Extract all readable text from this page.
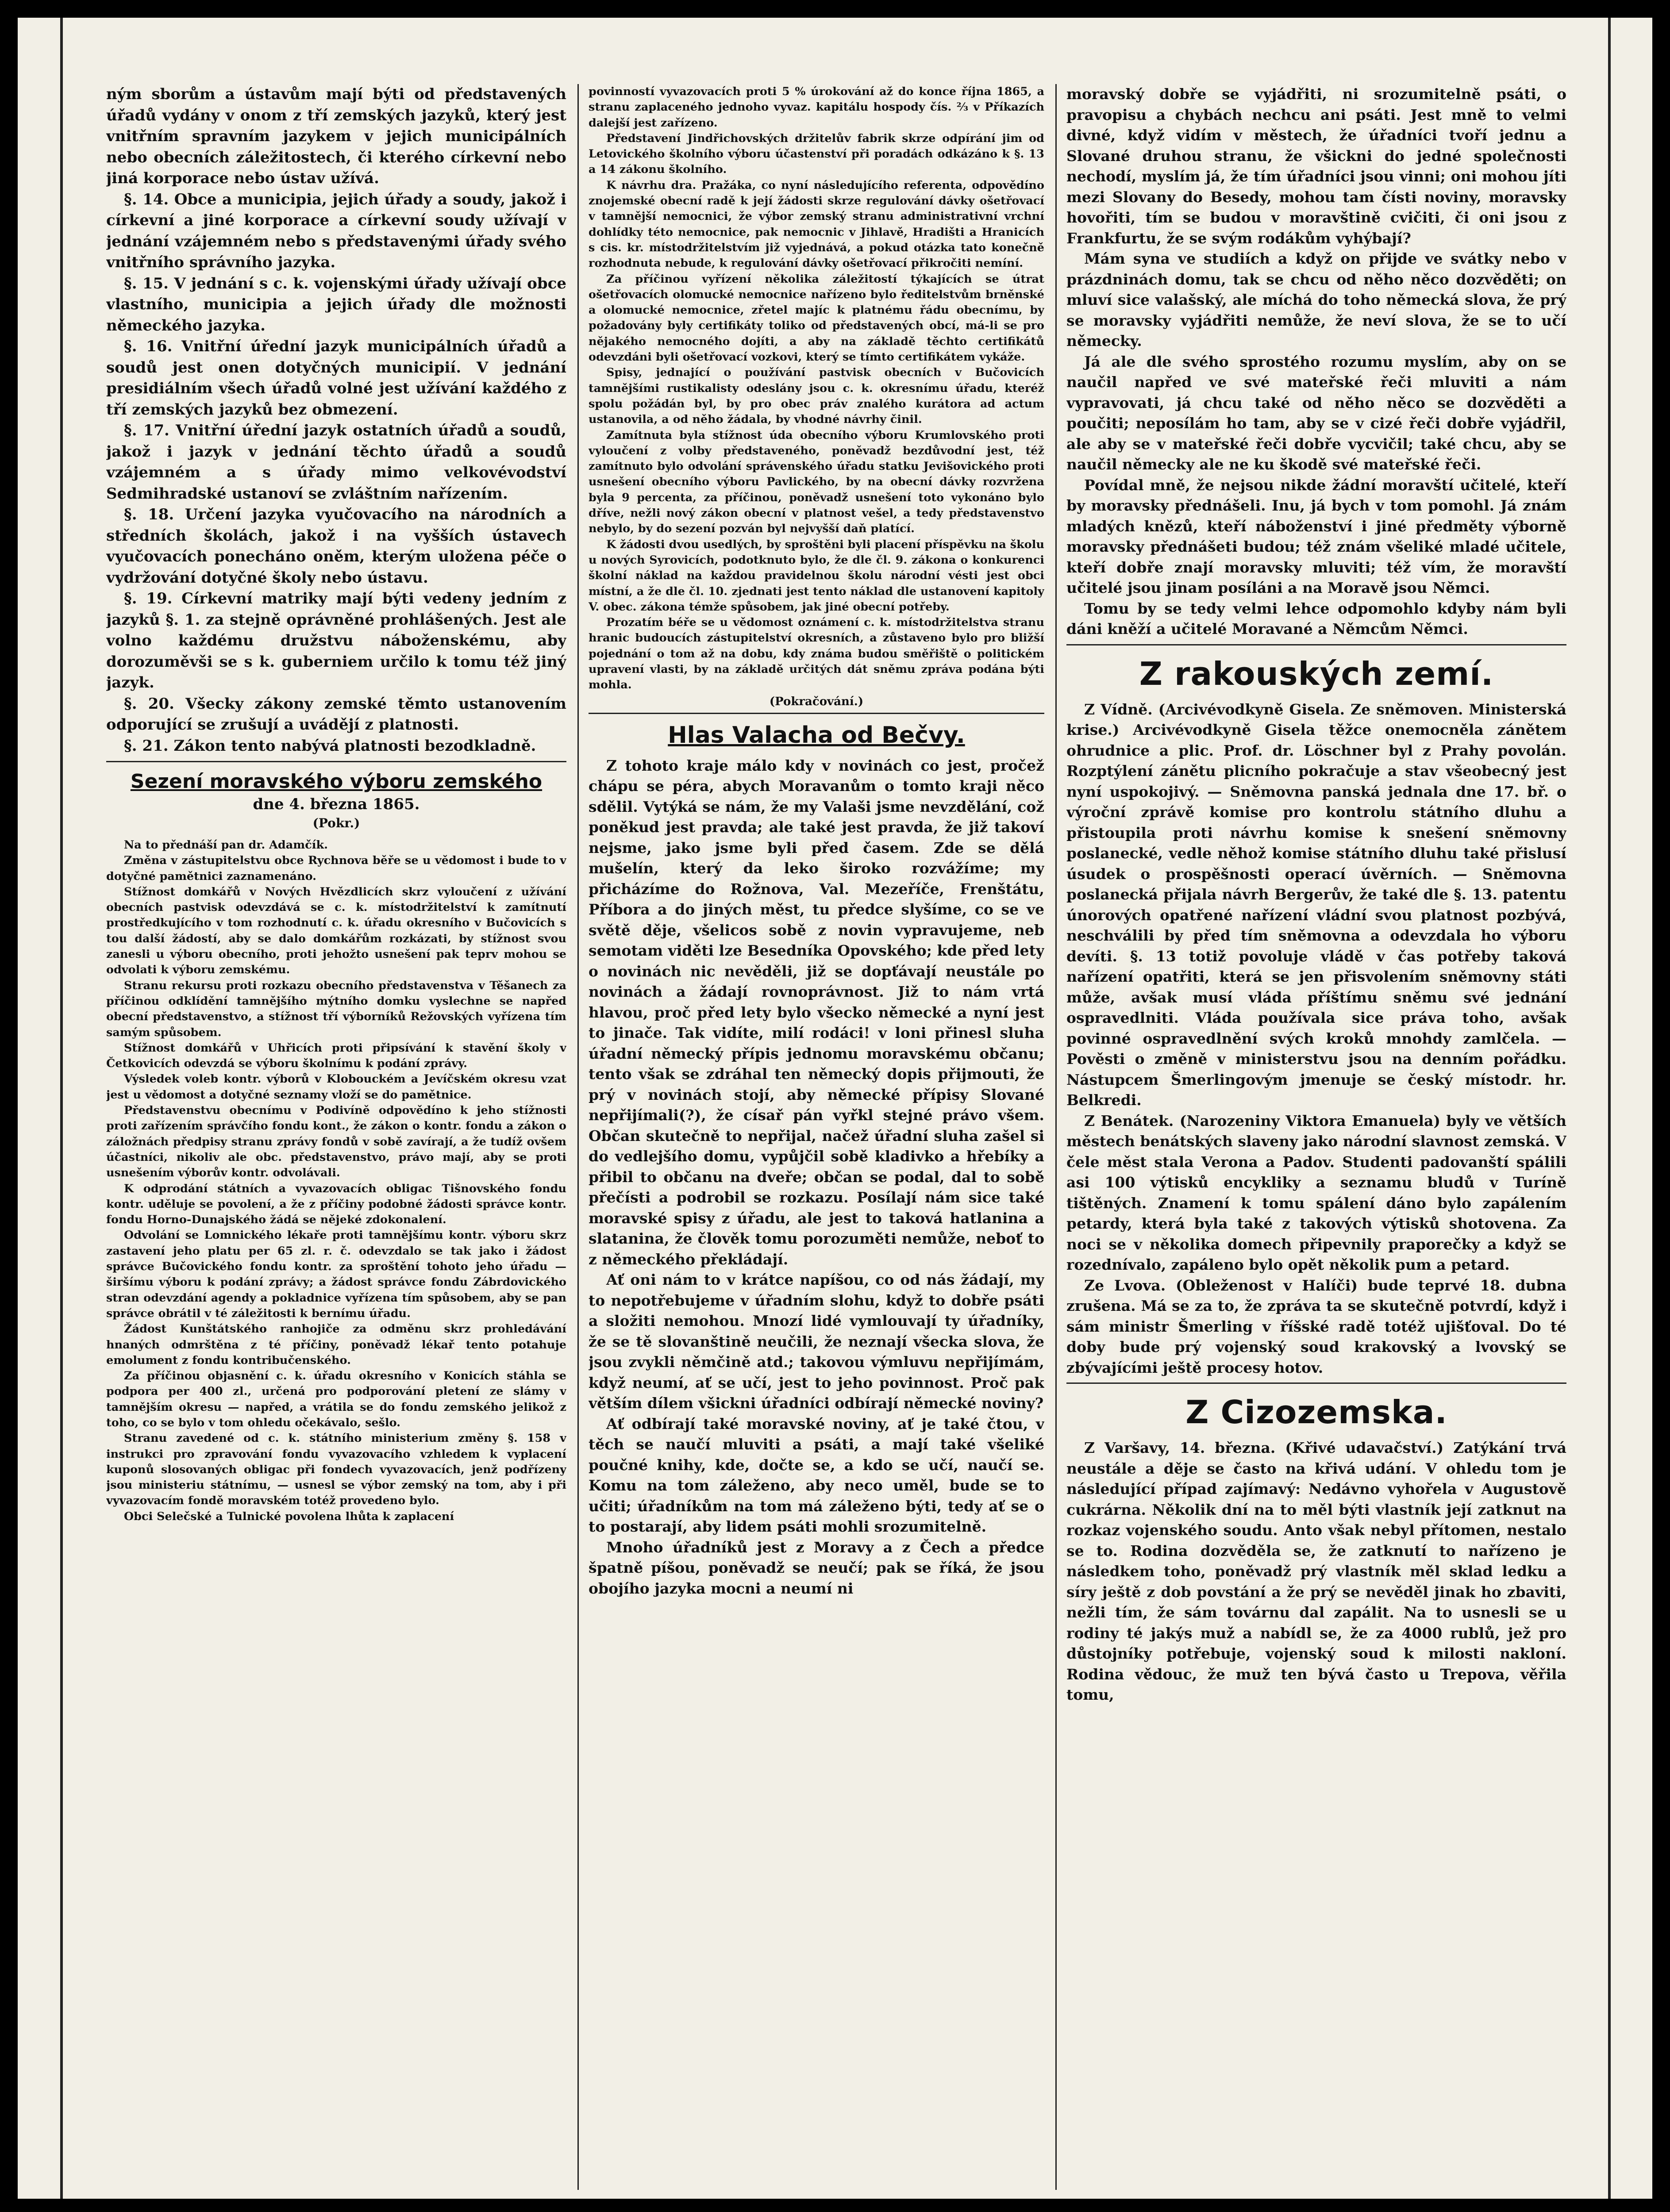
ným sborům a ústavům mají býti od představených úřadů vydány v onom z tří zemských jazyků, který jest vnitřním spravním jazykem v jejich municipálních nebo obecních záležitostech, či kterého církevní nebo jiná korporace nebo ústav užívá.

§. 14. Obce a municipia, jejich úřady a soudy, jakož i církevní a jiné korporace a církevní soudy užívají v jednání vzájemném nebo s představenými úřady svého vnitřního správního jazyka.

§. 15. V jednání s c. k. vojenskými úřady užívají obce vlastního, municipia a jejich úřady dle možnosti německého jazyka.

§. 16. Vnitřní úřední jazyk municipálních úřadů a soudů jest onen dotyčných municipií. V jednání presidiálním všech úřadů volné jest užívání každého z tří zemských jazyků bez obmezení.

§. 17. Vnitřní úřední jazyk ostatních úřadů a soudů, jakož i jazyk v jednání těchto úřadů a soudů vzájemném a s úřady mimo velkovévodství Sedmihradské ustanoví se zvláštním nařízením.

§. 18. Určení jazyka vyučovacího na národních a středních školách, jakož i na vyšších ústavech vyučovacích ponecháno oněm, kterým uložena péče o vydržování dotyčné školy nebo ústavu.

§. 19. Církevní matriky mají býti vedeny jedním z jazyků §. 1. za stejně oprávněné prohlášených. Jest ale volno každému družstvu náboženskému, aby dorozuměvši se s k. guberniem určilo k tomu též jiný jazyk.

§. 20. Všecky zákony zemské těmto ustanovením odporující se zrušují a uvádějí z platnosti.

§. 21. Zákon tento nabývá platnosti bezodkladně.

Sezení moravského výboru zemského
dne 4. března 1865.
(Pokr.)

Na to přednáší pan dr. Adamčík.

Změna v zástupitelstvu obce Rychnova běře se u vědomost i bude to v dotyčné pamětnici zaznamenáno.

Stížnost domkářů v Nových Hvězdlicích skrz vyloučení z užívání obecních pastvisk odevzdává se c. k. místodržitelství k zamítnutí prostředkujícího v tom rozhodnutí c. k. úřadu okresního v Bučovicích s tou další žádostí, aby se dalo domkářům rozkázati, by stížnost svou zanesli u výboru obecního, proti jehožto usnešení pak teprv mohou se odvolati k výboru zemskému.

Stranu rekursu proti rozkazu obecního představenstva v Těšanech za příčinou odklídění tamnějšího mýtního domku vyslechne se napřed obecní představenstvo, a stížnost tří výborníků Režovských vyřízena tím samým spůsobem.

Stížnost domkářů v Uhřicích proti připsívání k stavění školy v Četkovicích odevzdá se výboru školnímu k podání zprávy.

Výsledek voleb kontr. výborů v Klobouckém a Jevíčském okresu vzat jest u vědomost a dotyčné seznamy vloží se do pamětnice.

Představenstvu obecnímu v Podivíně odpovědíno k jeho stížnosti proti zařízením správčího fondu kont., že zákon o kontr. fondu a zákon o záložnách předpisy stranu zprávy fondů v sobě zavírají, a že tudíž ovšem účastníci, nikoliv ale obc. představenstvo, právo mají, aby se proti usnešením výborův kontr. odvolávali.

K odprodání státních a vyvazovacích obligac Tišnovského fondu kontr. uděluje se povolení, a že z příčiny podobné žádosti správce kontr. fondu Horno-Dunajského žádá se nějeké zdokonalení.

Odvolání se Lomnického lékaře proti tamnějšímu kontr. výboru skrz zastavení jeho platu per 65 zl. r. č. odevzdalo se tak jako i žádost správce Bučovického fondu kontr. za sproštění tohoto jeho úřadu — širšímu výboru k podání zprávy; a žádost správce fondu Zábrdovického stran odevzdání agendy a pokladnice vyřízena tím spůsobem, aby se pan správce obrátil v té záležitosti k bernímu úřadu.

Žádost Kunštátského ranhojiče za odměnu skrz prohledávání hnaných odmrštěna z té příčiny, poněvadž lékař tento potahuje emolument z fondu kontribučenského.

Za příčinou objasnění c. k. úřadu okresního v Konicích stáhla se podpora per 400 zl., určená pro podporování pletení ze slámy v tamnějším okresu — napřed, a vrátila se do fondu zemského jelikož z toho, co se bylo v tom ohledu očekávalo, sešlo.

Stranu zavedené od c. k. státního ministerium změny §. 158 v instrukci pro zpravování fondu vyvazovacího vzhledem k vyplacení kuponů slosovaných obligac při fondech vyvazovacích, jenž podřízeny jsou ministeriu státnímu, — usnesl se výbor zemský na tom, aby i při vyvazovacím fondě moravském totéž provedeno bylo.

Obci Selečské a Tulnické povolena lhůta k zaplacení

povinností vyvazovacích proti 5 % úrokování až do konce října 1865, a stranu zaplaceného jednoho vyvaz. kapitálu hospody čís. ⅔ v Příkazích dalejší jest zařízeno.

Představení Jindřichovských držitelův fabrik skrze odpírání jim od Letovického školního výboru účastenství při poradách odkázáno k §. 13 a 14 zákonu školního.

K návrhu dra. Pražáka, co nyní následujícího referenta, odpovědíno znojemské obecní radě k její žádosti skrze regulování dávky ošetřovací v tamnější nemocnici, že výbor zemský stranu administrativní vrchní dohlídky této nemocnice, pak nemocnic v Jihlavě, Hradišti a Hranicích s cis. kr. místodržitelstvím již vyjednává, a pokud otázka tato konečně rozhodnuta nebude, k regulování dávky ošetřovací přikročiti nemíní.

Za příčinou vyřízení několika záležitostí týkajících se útrat ošetřovacích olomucké nemocnice nařízeno bylo ředitelstvům brněnské a olomucké nemocnice, zřetel majíc k platnému řádu obecnímu, by požadovány byly certifikáty toliko od představených obcí, má-li se pro nějakého nemocného dojíti, a aby na základě těchto certifikátů odevzdáni byli ošetřovací vozkovi, který se tímto certifikátem vykáže.

Spisy, jednající o používání pastvisk obecních v Bučovicích tamnějšími rustikalisty odeslány jsou c. k. okresnímu úřadu, kteréž spolu požádán byl, by pro obec práv znalého kurátora ad actum ustanovila, a od něho žádala, by vhodné návrhy činil.

Zamítnuta byla stížnost úda obecního výboru Krumlovského proti vyloučení z volby představeného, poněvadž bezdůvodní jest, též zamítnuto bylo odvolání správenského úřadu statku Jevišovického proti usnešení obecního výboru Pavlického, by na obecní dávky rozvržena byla 9 percenta, za příčinou, poněvadž usnešení toto vykonáno bylo dříve, nežli nový zákon obecní v platnost vešel, a tedy představenstvo nebylo, by do sezení pozván byl nejvyšší daň platící.

K žádosti dvou usedlých, by sproštěni byli placení příspěvku na školu u nových Syrovicích, podotknuto bylo, že dle čl. 9. zákona o konkurenci školní náklad na každou pravidelnou školu národní vésti jest obci místní, a že dle čl. 10. zjednati jest tento náklad dle ustanovení kapitoly V. obec. zákona témže spůsobem, jak jiné obecní potřeby.

Prozatím béře se u vědomost oznámení c. k. místodržitelstva stranu hranic budoucích zástupitelství okresních, a zůstaveno bylo pro bližší pojednání o tom až na dobu, kdy známa budou směřiště o politickém upravení vlasti, by na základě určitých dát sněmu zpráva podána býti mohla.

(Pokračování.)
Hlas Valacha od Bečvy.

Z tohoto kraje málo kdy v novinách co jest, pročež chápu se péra, abych Moravanům o tomto kraji něco sdělil. Vytýká se nám, že my Valaši jsme nevzdělání, což poněkud jest pravda; ale také jest pravda, že již takoví nejsme, jako jsme byli před časem. Zde se dělá mušelín, který da leko široko rozvážíme; my přicházíme do Rožnova, Val. Mezeříče, Frenštátu, Příbora a do jiných měst, tu předce slyšíme, co se ve světě děje, všelicos sobě z novin vypravujeme, neb semotam viděti lze Besedníka Opovského; kde před lety o novinách nic nevěděli, již se dopťávají neustále po novinách a žádají rovnoprávnost. Již to nám vrtá hlavou, proč před lety bylo všecko německé a nyní jest to jinače. Tak vidíte, milí rodáci! v loni přinesl sluha úřadní německý přípis jednomu moravskému občanu; tento však se zdráhal ten německý dopis přijmouti, že prý v novinách stojí, aby německé přípisy Slované nepřijímali(?), že císař pán vyřkl stejné právo všem. Občan skutečně to nepřijal, načež úřadní sluha zašel si do vedlejšího domu, vypůjčil sobě kladivko a hřebíky a přibil to občanu na dveře; občan se podal, dal to sobě přečísti a podrobil se rozkazu. Posílají nám sice také moravské spisy z úřadu, ale jest to taková hatlanina a slatanina, že člověk tomu porozuměti nemůže, neboť to z německého překládají.

Ať oni nám to v krátce napíšou, co od nás žádají, my to nepotřebujeme v úřadním slohu, když to dobře psáti a složiti nemohou. Mnozí lidé vymlouvají ty úřadníky, že se tě slovanštině neučili, že neznají všecka slova, že jsou zvykli němčině atd.; takovou výmluvu nepřijímám, když neumí, ať se učí, jest to jeho povinnost. Proč pak větším dílem všickni úřadníci odbírají německé noviny?

Ať odbírají také moravské noviny, ať je také čtou, v těch se naučí mluviti a psáti, a mají také všeliké poučné knihy, kde, dočte se, a kdo se učí, naučí se. Komu na tom záleženo, aby neco uměl, bude se to učiti; úřadníkům na tom má záleženo býti, tedy ať se o to postarají, aby lidem psáti mohli srozumitelně.

Mnoho úřadníků jest z Moravy a z Čech a předce špatně píšou, poněvadž se neučí; pak se říká, že jsou obojího jazyka mocni a neumí ni

moravský dobře se vyjádřiti, ni srozumitelně psáti, o pravopisu a chybách nechcu ani psáti. Jest mně to velmi divné, když vidím v městech, že úřadníci tvoří jednu a Slované druhou stranu, že všickni do jedné společnosti nechodí, myslím já, že tím úřadníci jsou vinni; oni mohou jíti mezi Slovany do Besedy, mohou tam čísti noviny, moravsky hovořiti, tím se budou v moravštině cvičiti, či oni jsou z Frankfurtu, že se svým rodákům vyhýbají?

Mám syna ve studiích a když on přijde ve svátky nebo v prázdninách domu, tak se chcu od něho něco dozvěděti; on mluví sice valašský, ale míchá do toho německá slova, že prý se moravsky vyjádřiti nemůže, že neví slova, že se to učí německy.

Já ale dle svého sprostého rozumu myslím, aby on se naučil napřed ve své mateřské řeči mluviti a nám vypravovati, já chcu také od něho něco se dozvěděti a poučiti; neposílám ho tam, aby se v cizé řeči dobře vyjádřil, ale aby se v mateřské řeči dobře vycvičil; také chcu, aby se naučil německy ale ne ku škodě své mateřské řeči.

Povídal mně, že nejsou nikde žádní moravští učitelé, kteří by moravsky přednášeli. Inu, já bych v tom pomohl. Já znám mladých knězů, kteří náboženství i jiné předměty výborně moravsky přednášeti budou; též znám všeliké mladé učitele, kteří dobře znají moravsky mluviti; též vím, že moravští učitelé jsou jinam posíláni a na Moravě jsou Němci.

Tomu by se tedy velmi lehce odpomohlo kdyby nám byli dáni kněží a učitelé Moravané a Němcům Němci.

Z rakouských zemí.

Z Vídně. (Arcivévodkyně Gisela. Ze sněmoven. Ministerská krise.) Arcivévodkyně Gisela těžce onemocněla zánětem ohrudnice a plic. Prof. dr. Löschner byl z Prahy povolán. Rozptýlení zánětu plicního pokračuje a stav všeobecný jest nyní uspokojivý. — Sněmovna panská jednala dne 17. bř. o výroční zprávě komise pro kontrolu státního dluhu a přistoupila proti návrhu komise k snešení sněmovny poslanecké, vedle něhož komise státního dluhu také přislusí úsudek o prospěšnosti operací úvěrních. — Sněmovna poslanecká přijala návrh Bergerův, že také dle §. 13. patentu únorových opatřené nařízení vládní svou platnost pozbývá, neschválili by před tím sněmovna a odevzdala ho výboru devíti. §. 13 totiž povoluje vládě v čas potřeby taková nařízení opatřiti, která se jen přisvolením sněmovny státi může, avšak musí vláda příštímu sněmu své jednání ospravedlniti. Vláda používala sice práva toho, avšak povinné ospravedlnění svých kroků mnohdy zamlčela. — Pověsti o změně v ministerstvu jsou na denním pořádku. Nástupcem Šmerlingovým jmenuje se český místodr. hr. Belkredi.

Z Benátek. (Narozeniny Viktora Emanuela) byly ve větších městech benátských slaveny jako národní slavnost zemská. V čele měst stala Verona a Padov. Studenti padovanští spálili asi 100 výtisků encykliky a seznamu bludů v Turíně tištěných. Znamení k tomu spálení dáno bylo zapálením petardy, která byla také z takových výtisků shotovena. Za noci se v několika domech připevnily praporečky a když se rozednívalo, zapáleno bylo opět několik pum a petard.

Ze Lvova. (Obleženost v Halíči) bude teprvé 18. dubna zrušena. Má se za to, že zpráva ta se skutečně potvrdí, když i sám ministr Šmerling v říšské radě totéž ujišťoval. Do té doby bude prý vojenský soud krakovský a lvovský se zbývajícími ještě procesy hotov.

Z Cizozemska.

Z Varšavy, 14. března. (Křivé udavačství.) Zatýkání trvá neustále a děje se často na křivá udání. V ohledu tom je následující případ zajímavý: Nedávno vyhořela v Augustově cukrárna. Několik dní na to měl býti vlastník její zatknut na rozkaz vojenského soudu. Anto však nebyl přítomen, nestalo se to. Rodina dozvěděla se, že zatknutí to nařízeno je následkem toho, poněvadž prý vlastník měl sklad ledku a síry ještě z dob povstání a že prý se nevěděl jinak ho zbaviti, nežli tím, že sám továrnu dal zapálit. Na to usnesli se u rodiny té jakýs muž a nabídl se, že za 4000 rublů, jež pro důstojníky potřebuje, vojenský soud k milosti nakloní. Rodina vědouc, že muž ten bývá často u Trepova, věřila tomu,
